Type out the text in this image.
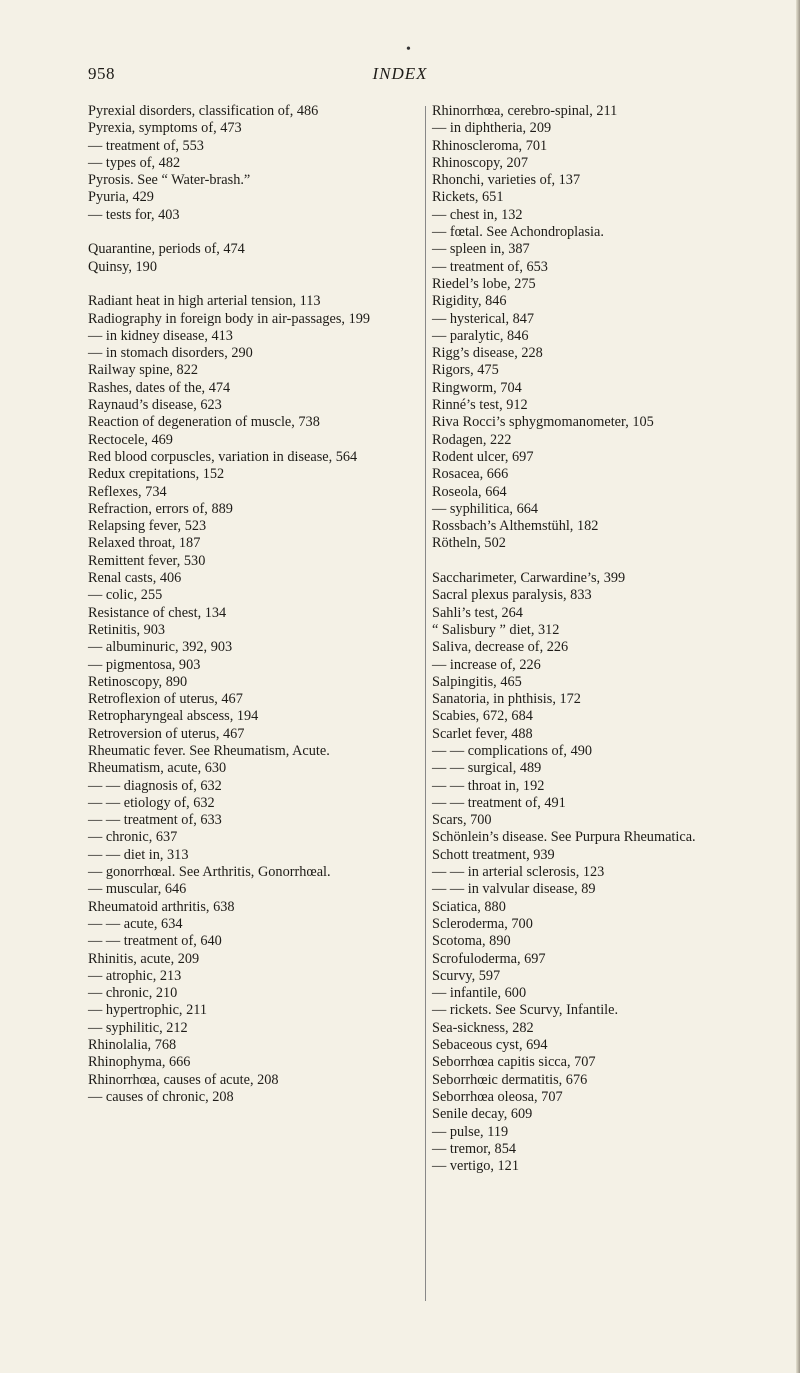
•
958	INDEX
Pyrexial disorders, classification of, 486
Pyrexia, symptoms of, 473
— treatment of, 553
— types of, 482
Pyrosis. See “ Water-brash.”
Pyuria, 429
— tests for, 403
Quarantine, periods of, 474
Quinsy, 190
Radiant heat in high arterial tension, 113
Radiography in foreign body in air-passages, 199
— in kidney disease, 413
— in stomach disorders, 290
Railway spine, 822
Rashes, dates of the, 474
Raynaud’s disease, 623
Reaction of degeneration of muscle, 738
Rectocele, 469
Red blood corpuscles, variation in disease, 564
Redux crepitations, 152
Reflexes, 734
Refraction, errors of, 889
Relapsing fever, 523
Relaxed throat, 187
Remittent fever, 530
Renal casts, 406
— colic, 255
Resistance of chest, 134
Retinitis, 903
— albuminuric, 392, 903
— pigmentosa, 903
Retinoscopy, 890
Retroflexion of uterus, 467
Retropharyngeal abscess, 194
Retroversion of uterus, 467
Rheumatic fever. See Rheumatism, Acute.
Rheumatism, acute, 630
— — diagnosis of, 632
— — etiology of, 632
— — treatment of, 633
— chronic, 637
— — diet in, 313
— gonorrhœal. See Arthritis, Gonorrhœal.
— muscular, 646
Rheumatoid arthritis, 638
— — acute, 634
— — treatment of, 640
Rhinitis, acute, 209
— atrophic, 213
— chronic, 210
— hypertrophic, 211
— syphilitic, 212
Rhinolalia, 768
Rhinophyma, 666
Rhinorrhœa, causes of acute, 208
— causes of chronic, 208
Rhinorrhœa, cerebro-spinal, 211
— in diphtheria, 209
Rhinoscleroma, 701
Rhinoscopy, 207
Rhonchi, varieties of, 137
Rickets, 651
— chest in, 132
— fœtal. See Achondroplasia.
— spleen in, 387
— treatment of, 653
Riedel’s lobe, 275
Rigidity, 846
— hysterical, 847
— paralytic, 846
Rigg’s disease, 228
Rigors, 475
Ringworm, 704
Rinné’s test, 912
Riva Rocci’s sphygmomanometer, 105
Rodagen, 222
Rodent ulcer, 697
Rosacea, 666
Roseola, 664
— syphilitica, 664
Rossbach’s Althemstühl, 182
Rötheln, 502
Saccharimeter, Carwardine’s, 399
Sacral plexus paralysis, 833
Sahli’s test, 264
“ Salisbury ” diet, 312
Saliva, decrease of, 226
— increase of, 226
Salpingitis, 465
Sanatoria, in phthisis, 172
Scabies, 672, 684
Scarlet fever, 488
— — complications of, 490
— — surgical, 489
— — throat in, 192
— — treatment of, 491
Scars, 700
Schönlein’s disease. See Purpura Rheumatica.
Schott treatment, 939
— — in arterial sclerosis, 123
— — in valvular disease, 89
Sciatica, 880
Scleroderma, 700
Scotoma, 890
Scrofuloderma, 697
Scurvy, 597
— infantile, 600
— rickets. See Scurvy, Infantile.
Sea-sickness, 282
Sebaceous cyst, 694
Seborrhœa capitis sicca, 707
Seborrhœic dermatitis, 676
Seborrhœa oleosa, 707
Senile decay, 609
— pulse, 119
— tremor, 854
— vertigo, 121
